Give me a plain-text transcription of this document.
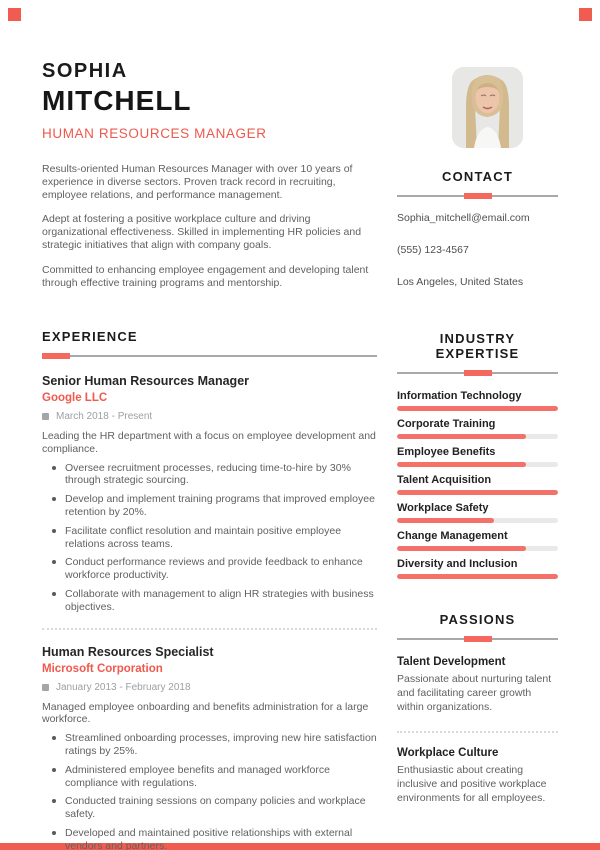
SOPHIA
MITCHELL
HUMAN RESOURCES MANAGER

Results-oriented Human Resources Manager with over 10 years of experience in diverse sectors. Proven track record in recruiting, employee relations, and performance management.

Adept at fostering a positive workplace culture and driving organizational effectiveness. Skilled in implementing HR policies and strategic initiatives that align with company goals.

Committed to enhancing employee engagement and developing talent through effective training programs and mentorship.

CONTACT
Sophia_mitchell@email.com
(555) 123-4567
Los Angeles, United States
EXPERIENCE
Senior Human Resources Manager
Google LLC
March 2018 - Present
Leading the HR department with a focus on employee development and compliance.
Oversee recruitment processes, reducing time-to-hire by 30% through strategic sourcing.
Develop and implement training programs that improved employee retention by 20%.
Facilitate conflict resolution and maintain positive employee relations across teams.
Conduct performance reviews and provide feedback to enhance workforce productivity.
Collaborate with management to align HR strategies with business objectives.
Human Resources Specialist
Microsoft Corporation
January 2013 - February 2018
Managed employee onboarding and benefits administration for a large workforce.
Streamlined onboarding processes, improving new hire satisfaction ratings by 25%.
Administered employee benefits and managed workforce compliance with regulations.
Conducted training sessions on company policies and workplace safety.
Developed and maintained positive relationships with external vendors and partners.
INDUSTRY EXPERTISE
Information Technology
Corporate Training
Employee Benefits
Talent Acquisition
Workplace Safety
Change Management
Diversity and Inclusion
PASSIONS
Talent Development
Passionate about nurturing talent and facilitating career growth within organizations.
Workplace Culture
Enthusiastic about creating inclusive and positive workplace environments for all employees.
